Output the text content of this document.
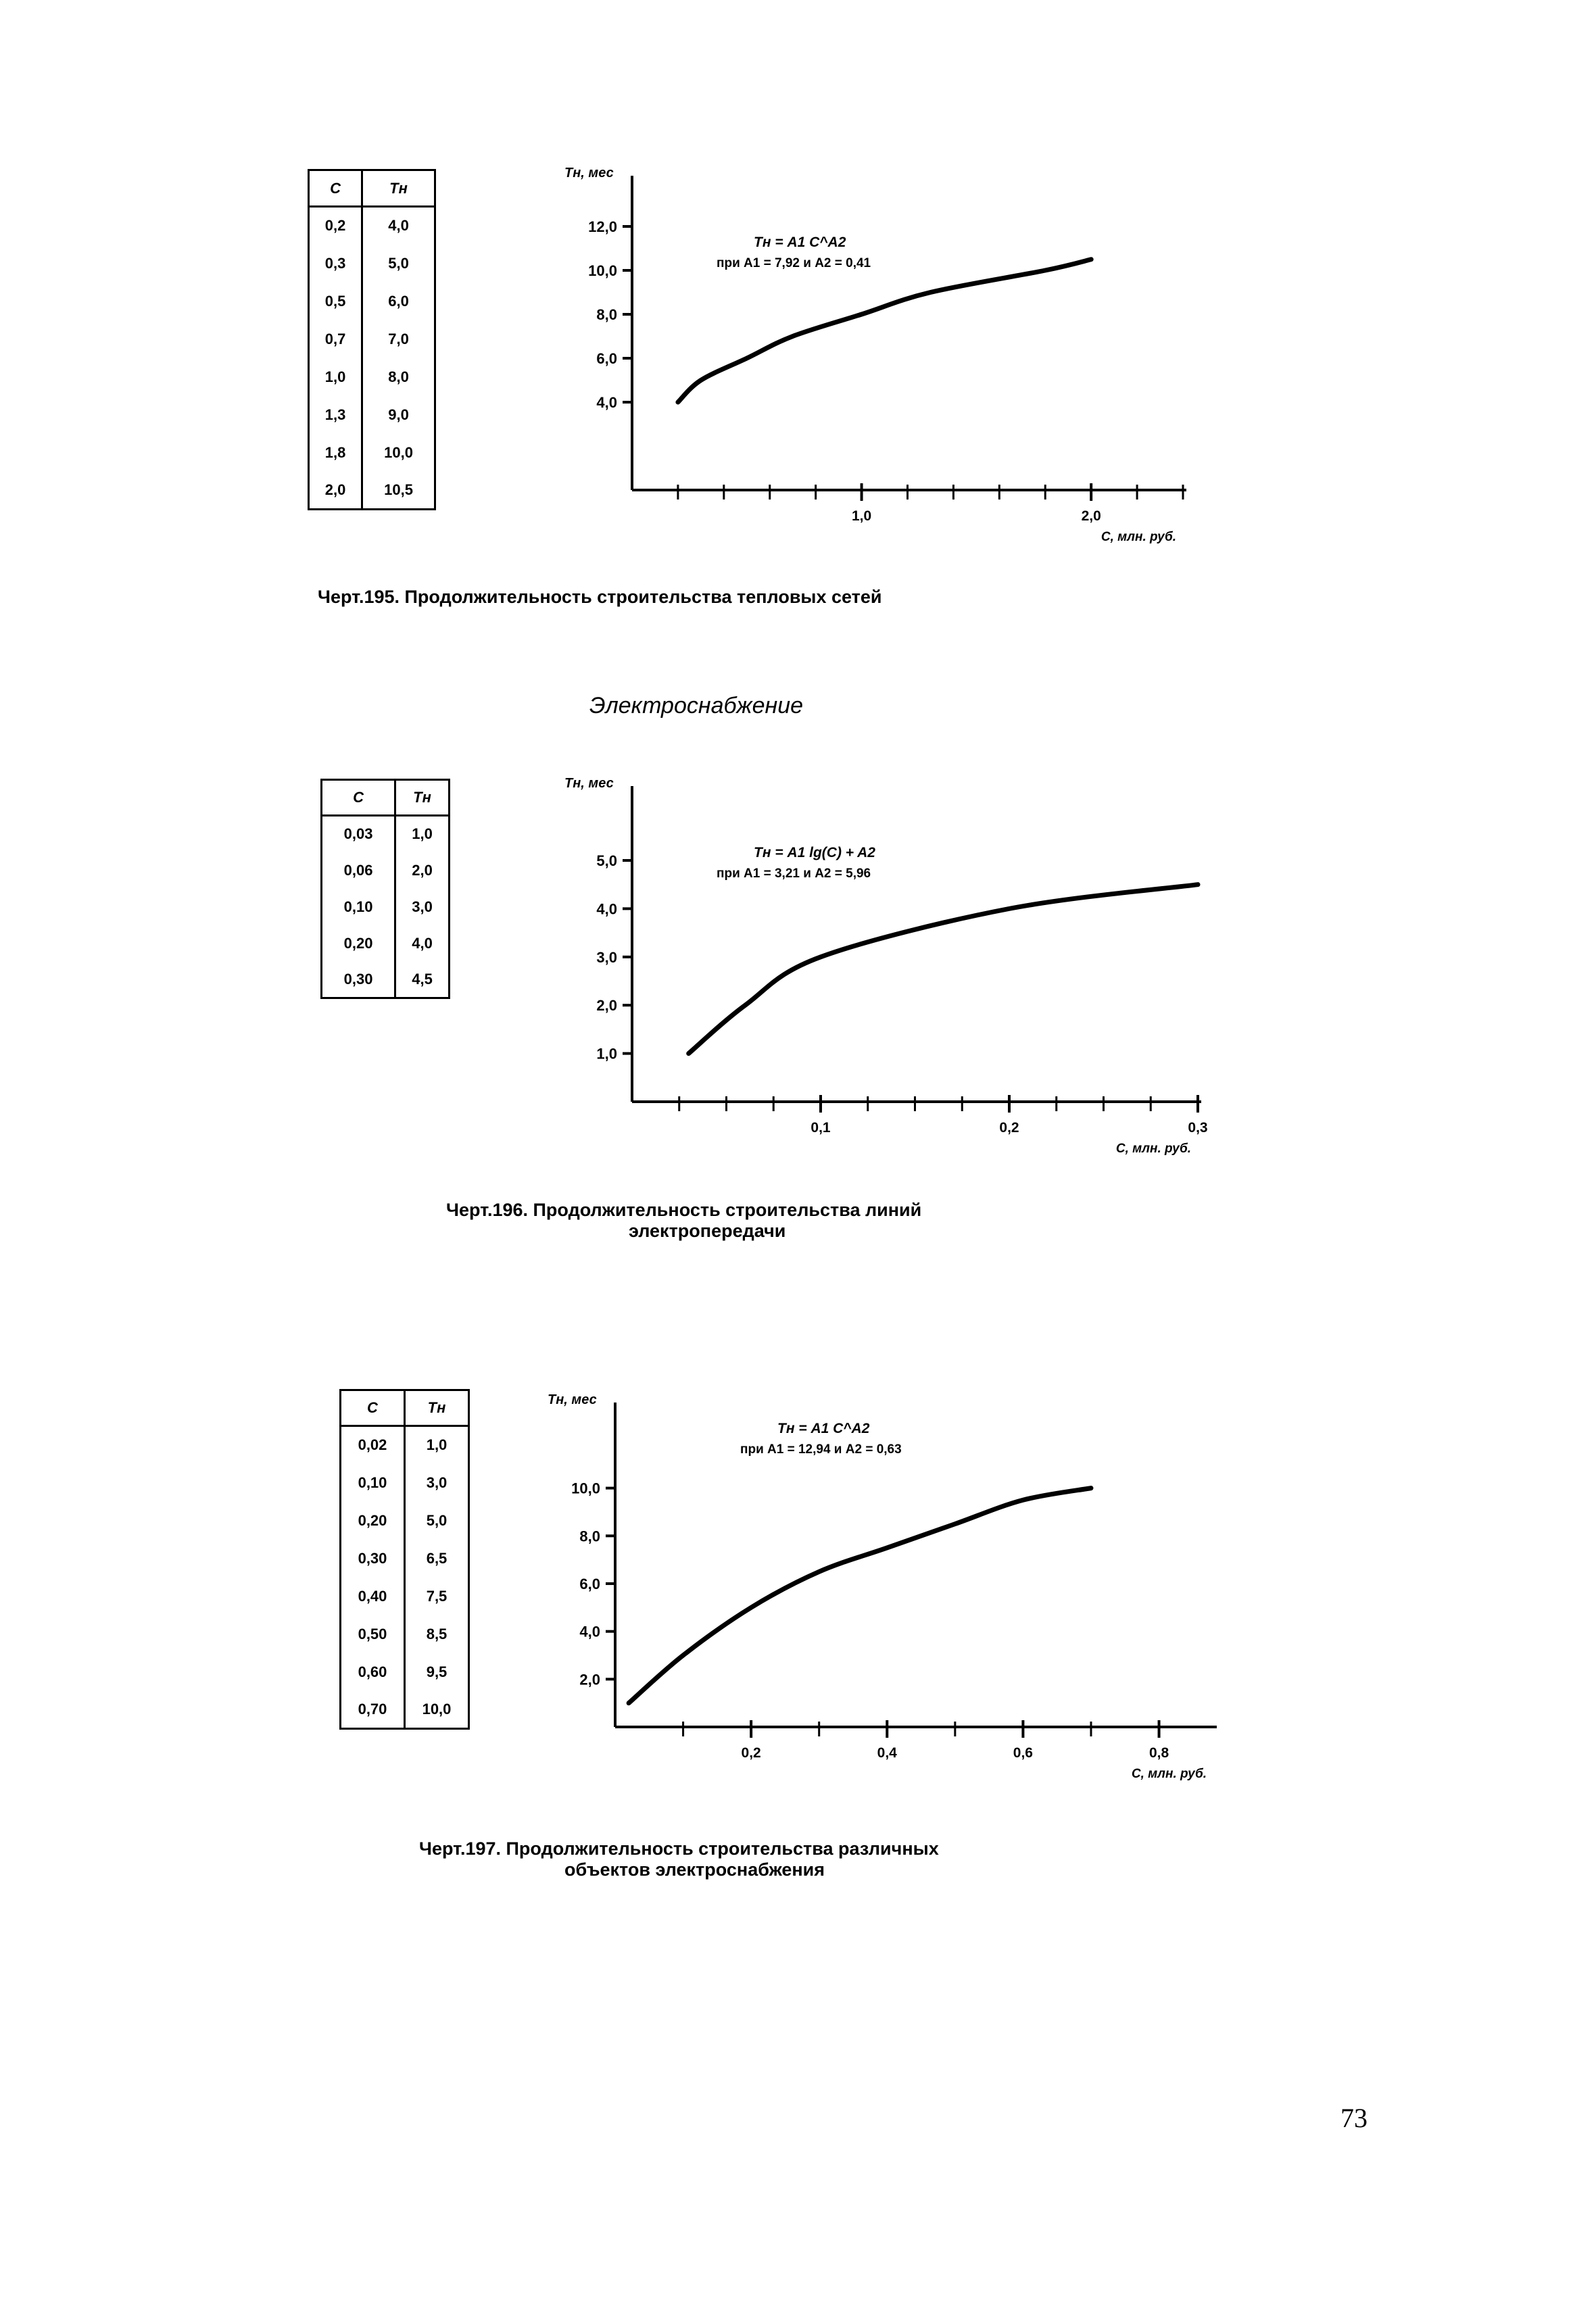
C	Tн
0,2	4,0
0,3	5,0
0,5	6,0
0,7	7,0
1,0	8,0
1,3	9,0
1,8	10,0
2,0	10,5
4,0
6,0
8,0
10,0
12,0
1,0	2,0
Tн, мес
C, млн. руб.
Tн = A1 C^A2
при A1 = 7,92 и A2 = 0,41
Черт.195. Продолжительность строительства тепловых сетей
Электроснабжение
C	Tн
0,03	1,0
0,06	2,0
0,10	3,0
0,20	4,0
0,30	4,5
1,0
2,0
3,0
4,0
5,0
0,1	0,2	0,3
Tн, мес
C, млн. руб.
Tн = A1 lg(C) + A2
при A1 = 3,21 и A2 = 5,96
Черт.196. Продолжительность строительства линий
электропередачи
C	Tн
0,02	1,0
0,10	3,0
0,20	5,0
0,30	6,5
0,40	7,5
0,50	8,5
0,60	9,5
0,70	10,0
2,0
4,0
6,0
8,0
10,0
0,2	0,4	0,6	0,8
Tн, мес
C, млн. руб.
Tн = A1 C^A2
при A1 = 12,94 и A2 = 0,63
Черт.197. Продолжительность строительства различных
объектов электроснабжения
73
